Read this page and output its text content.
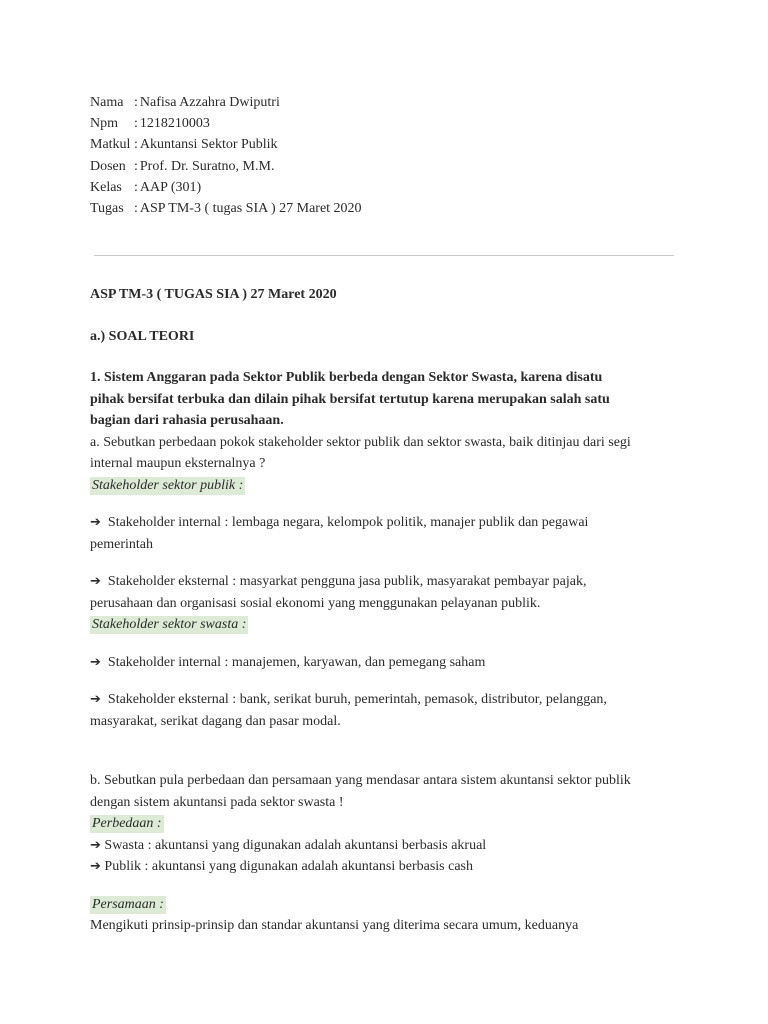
Nama : Nafisa Azzahra Dwiputri
Npm	: 1218210003
Matkul : Akuntansi Sektor Publik
Dosen : Prof. Dr. Suratno, M.M.
Kelas : AAP (301)
Tugas : ASP TM-3 ( tugas SIA ) 27 Maret 2020

ASP TM-3 ( TUGAS SIA ) 27 Maret 2020

a.) SOAL TEORI

1. Sistem Anggaran pada Sektor Publik berbeda dengan Sektor Swasta, karena disatu

pihak bersifat terbuka dan dilain pihak bersifat tertutup karena merupakan salah satu

bagian dari rahasia perusahaan.

a. Sebutkan perbedaan pokok stakeholder sektor publik dan sektor swasta, baik ditinjau dari segi

internal maupun eksternalnya ?

Stakeholder sektor publik :

➔ Stakeholder internal : lembaga negara, kelompok politik, manajer publik dan pegawai

pemerintah

➔ Stakeholder eksternal : masyarkat pengguna jasa publik, masyarakat pembayar pajak,

perusahaan dan organisasi sosial ekonomi yang menggunakan pelayanan publik.

Stakeholder sektor swasta :

➔ Stakeholder internal : manajemen, karyawan, dan pemegang saham

➔ Stakeholder eksternal : bank, serikat buruh, pemerintah, pemasok, distributor, pelanggan,

masyarakat, serikat dagang dan pasar modal.

b. Sebutkan pula perbedaan dan persamaan yang mendasar antara sistem akuntansi sektor publik

dengan sistem akuntansi pada sektor swasta !

Perbedaan :

➔ Swasta : akuntansi yang digunakan adalah akuntansi berbasis akrual

➔ Publik : akuntansi yang digunakan adalah akuntansi berbasis cash

Persamaan :

Mengikuti prinsip-prinsip dan standar akuntansi yang diterima secara umum, keduanya
